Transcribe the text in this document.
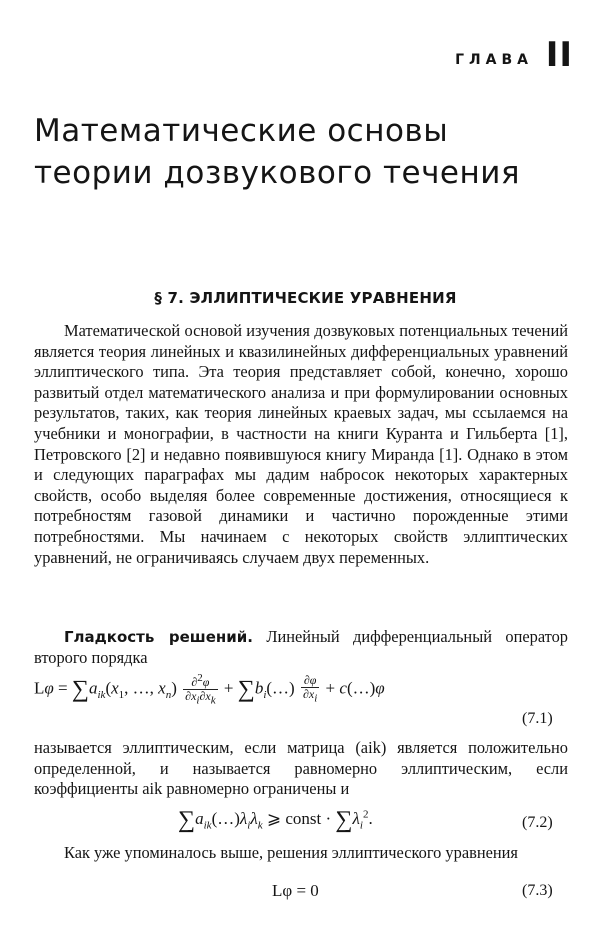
ГЛАВА II
Математические основы
теории дозвукового течения
§ 7. ЭЛЛИПТИЧЕСКИЕ УРАВНЕНИЯ

Математической основой изучения дозвуковых потенциальных течений является теория линейных и квазилинейных дифференциальных уравнений эллиптического типа. Эта теория представляет собой, конечно, хорошо развитый отдел математического анализа и при формулировании основных результатов, таких, как теория линейных краевых задач, мы ссылаемся на учебники и монографии, в частности на книги Куранта и Гильберта [1], Петровского [2] и недавно появившуюся книгу Миранда [1]. Однако в этом и следующих параграфах мы дадим набросок некоторых характерных свойств, особо выделяя более современные достижения, относящиеся к потребностям газовой динамики и частично порожденные этими потребностями. Мы начинаем с некоторых свойств эллиптических уравнений, не ограничиваясь случаем двух переменных.

Гладкость решений. Линейный дифференциальный оператор второго порядка

$L\varphi = \sum a_{ik}(x_1$, …, $x_n) \frac{\partial^2\varphi}{\partial x_i\partial x_k}$ + $\sum b_i(\dots) \frac{\partial\varphi}{\partial x_i}$ + c(…)φ
(7.1)

называется эллиптическим, если матрица (aik) является положительно определенной, и называется равномерно эллиптическим, если коэффициенты aik равномерно ограничены и

$\sum a_{ik}(\dots)\lambda_i\lambda_k$ ⩾ const · $\sum\lambda_i^2$.	(7.2)

Как уже упоминалось выше, решения эллиптического уравнения

Lφ = 0	(7.3)
